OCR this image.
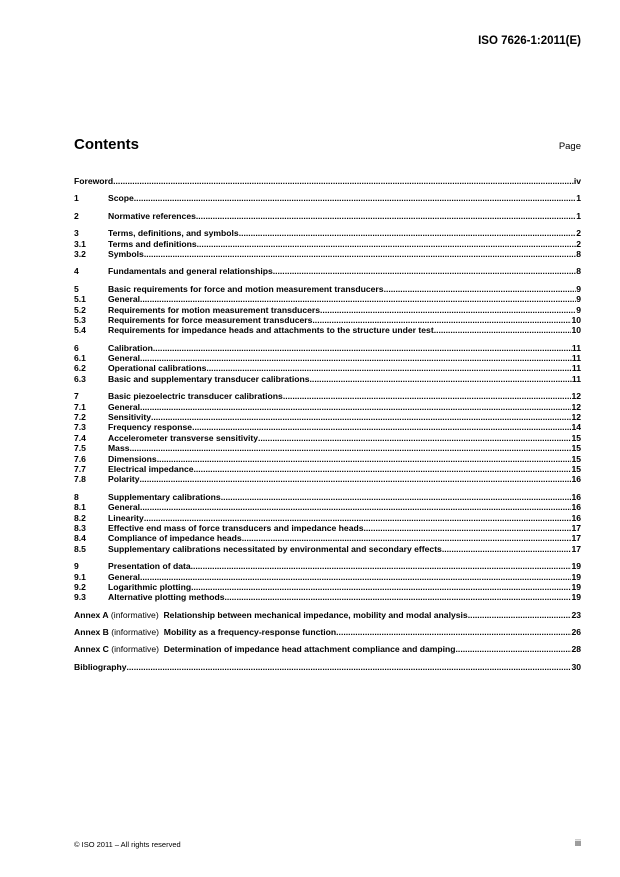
ISO 7626-1:2011(E)
Contents	Page
Foreword .....	iv
1	Scope .....	1
2	Normative references .....	1
3	Terms, definitions, and symbols .....	2
3.1	Terms and definitions .....	2
3.2	Symbols .....	8
4	Fundamentals and general relationships .....	8
5	Basic requirements for force and motion measurement transducers .....	9
5.1	General .....	9
5.2	Requirements for motion measurement transducers .....	9
5.3	Requirements for force measurement transducers .....	10
5.4	Requirements for impedance heads and attachments to the structure under test .....	10
6	Calibration .....	11
6.1	General .....	11
6.2	Operational calibrations .....	11
6.3	Basic and supplementary transducer calibrations .....	11
7	Basic piezoelectric transducer calibrations .....	12
7.1	General .....	12
7.2	Sensitivity .....	12
7.3	Frequency response .....	14
7.4	Accelerometer transverse sensitivity .....	15
7.5	Mass .....	15
7.6	Dimensions .....	15
7.7	Electrical impedance .....	15
7.8	Polarity .....	16
8	Supplementary calibrations .....	16
8.1	General .....	16
8.2	Linearity .....	16
8.3	Effective end mass of force transducers and impedance heads .....	17
8.4	Compliance of impedance heads .....	17
8.5	Supplementary calibrations necessitated by environmental and secondary effects .....	17
9	Presentation of data .....	19
9.1	General .....	19
9.2	Logarithmic plotting .....	19
9.3	Alternative plotting methods .....	19
Annex A (informative)  Relationship between mechanical impedance, mobility and modal analysis .....	23
Annex B (informative)  Mobility as a frequency-response function .....	26
Annex C (informative)  Determination of impedance head attachment compliance and damping .....	28
Bibliography .....	30
© ISO 2011 – All rights reserved	iii
